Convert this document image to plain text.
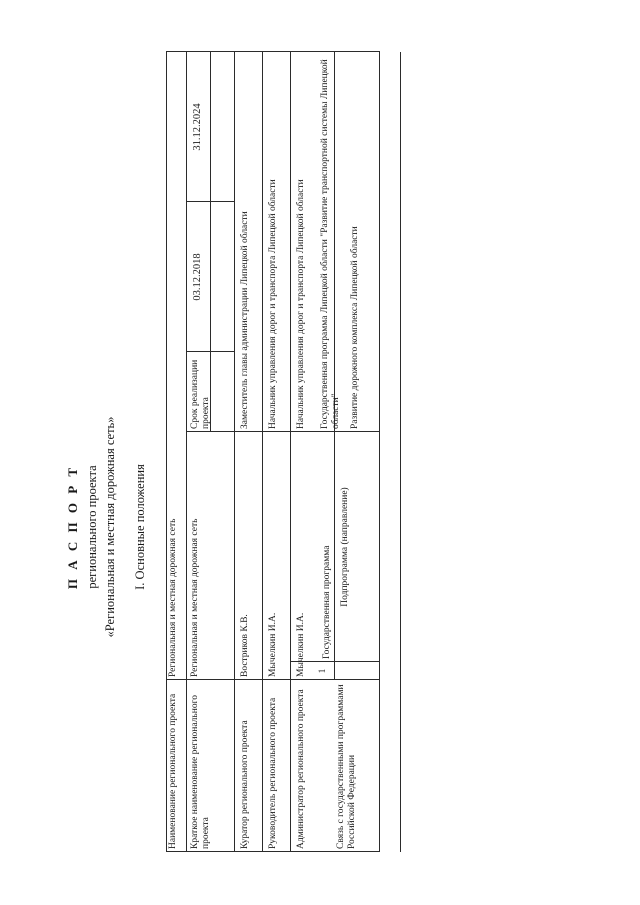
П А С П О Р Т регионального проекта «Региональная и местная дорожная сеть» I. Основные положения
Наименование регионального проекта
Региональная и местная дорожная сеть
Краткое наименование регионального проекта
Региональная и местная дорожная сеть
Срок реализации проекта
03.12.2018
31.12.2024
Куратор регионального проекта
Востриков К.В.
Заместитель главы администрации Липецкой области
Руководитель регионального проекта
Мычелкин И.А.
Начальник управления дорог и транспорта Липецкой области
Администратор регионального проекта
Мычелкин И.А.
Начальник управления дорог и транспорта Липецкой области
Связь с государственными программами Российской Федерации
1
Государственная программа
Государственная программа Липецкой области "Развитие транспортной системы Липецкой области"
Подпрограмма (направление)
Развитие дорожного комплекса Липецкой области
